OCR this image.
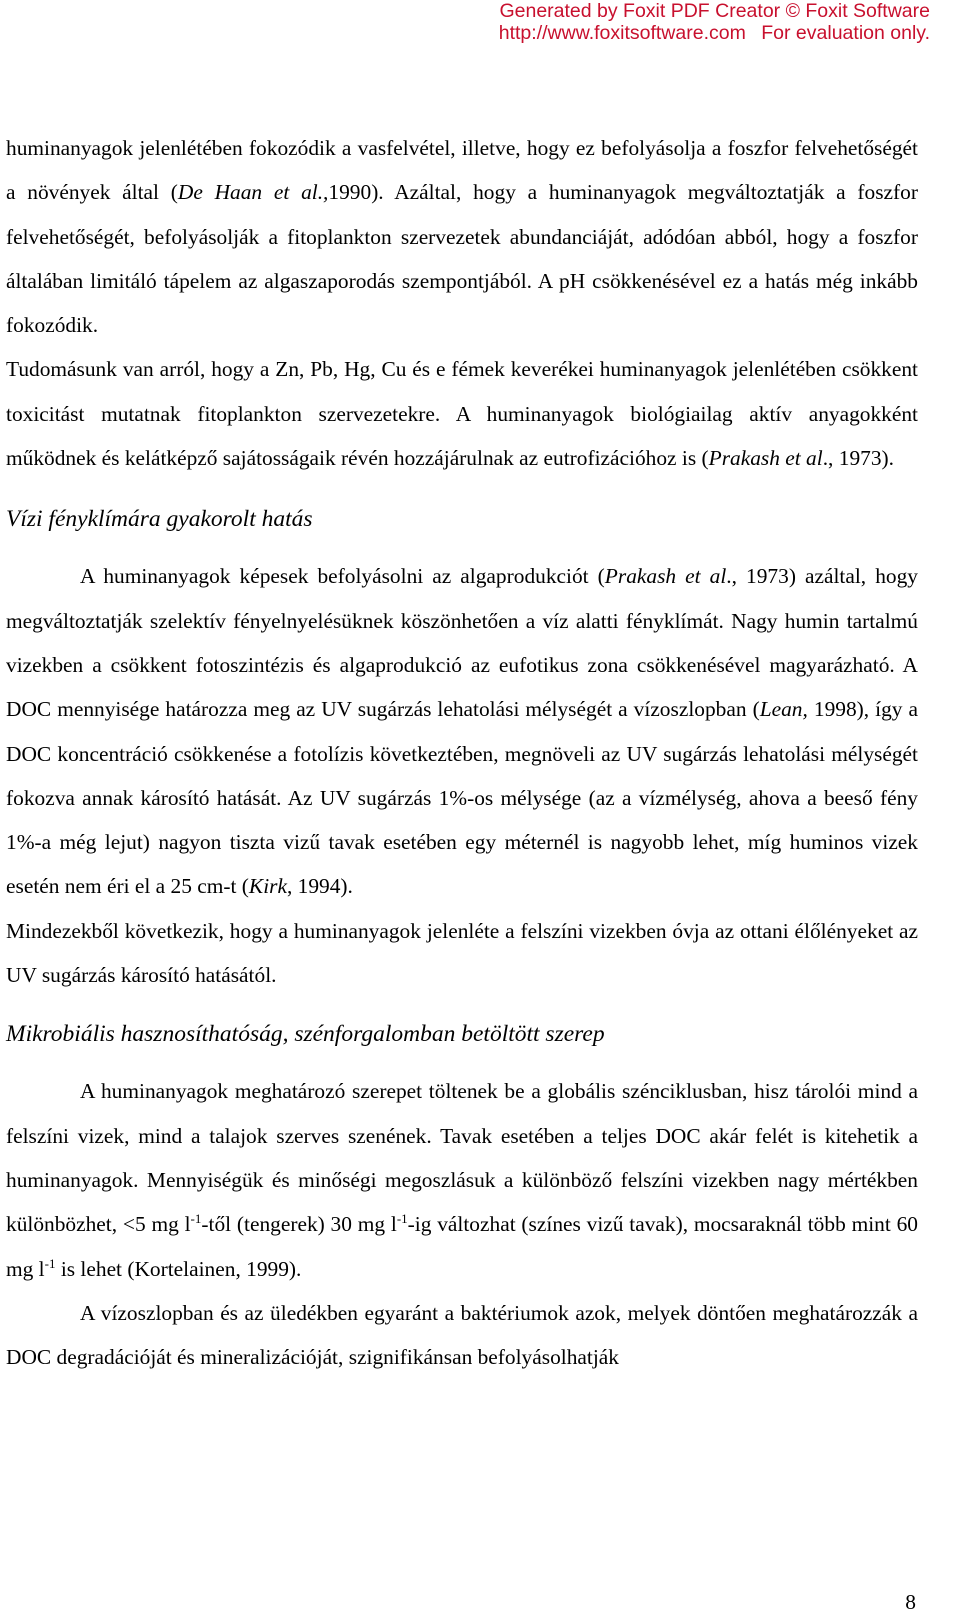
Generated by Foxit PDF Creator © Foxit Software
http://www.foxitsoftware.com For evaluation only.

huminanyagok jelenlétében fokozódik a vasfelvétel, illetve, hogy ez befolyásolja a foszfor felvehetőségét a növények által (De Haan et al.,1990). Azáltal, hogy a huminanyagok megváltoztatják a foszfor felvehetőségét, befolyásolják a fitoplankton szervezetek abundanciáját, adódóan abból, hogy a foszfor általában limitáló tápelem az algaszaporodás szempontjából. A pH csökkenésével ez a hatás még inkább fokozódik.

Tudomásunk van arról, hogy a Zn, Pb, Hg, Cu és e fémek keverékei huminanyagok jelenlétében csökkent toxicitást mutatnak fitoplankton szervezetekre. A huminanyagok biológiailag aktív anyagokként működnek és kelátképző sajátosságaik révén hozzájárulnak az eutrofizációhoz is (Prakash et al., 1973).

Vízi fényklímára gyakorolt hatás

A huminanyagok képesek befolyásolni az algaprodukciót (Prakash et al., 1973) azáltal, hogy megváltoztatják szelektív fényelnyelésüknek köszönhetően a víz alatti fényklímát. Nagy humin tartalmú vizekben a csökkent fotoszintézis és algaprodukció az eufotikus zona csökkenésével magyarázható. A DOC mennyisége határozza meg az UV sugárzás lehatolási mélységét a vízoszlopban (Lean, 1998), így a DOC koncentráció csökkenése a fotolízis következtében, megnöveli az UV sugárzás lehatolási mélységét fokozva annak károsító hatását. Az UV sugárzás 1%-os mélysége (az a vízmélység, ahova a beeső fény 1%-a még lejut) nagyon tiszta vizű tavak esetében egy méternél is nagyobb lehet, míg huminos vizek esetén nem éri el a 25 cm-t (Kirk, 1994).

Mindezekből következik, hogy a huminanyagok jelenléte a felszíni vizekben óvja az ottani élőlényeket az UV sugárzás károsító hatásától.

Mikrobiális hasznosíthatóság, szénforgalomban betöltött szerep

A huminanyagok meghatározó szerepet töltenek be a globális szénciklusban, hisz tárolói mind a felszíni vizek, mind a talajok szerves szenének. Tavak esetében a teljes DOC akár felét is kitehetik a huminanyagok. Mennyiségük és minőségi megoszlásuk a különböző felszíni vizekben nagy mértékben különbözhet, <5 mg $l^{-1}$-től (tengerek) 30 mg $l^{-1}-ig$ változhat (színes vizű tavak), mocsaraknál több mint 60 mg $l^{-1}$ is lehet (Kortelainen, 1999).

A vízoszlopban és az üledékben egyaránt a baktériumok azok, melyek döntően meghatározzák a DOC degradációját és mineralizációját, szignifikánsan befolyásolhatják

8
